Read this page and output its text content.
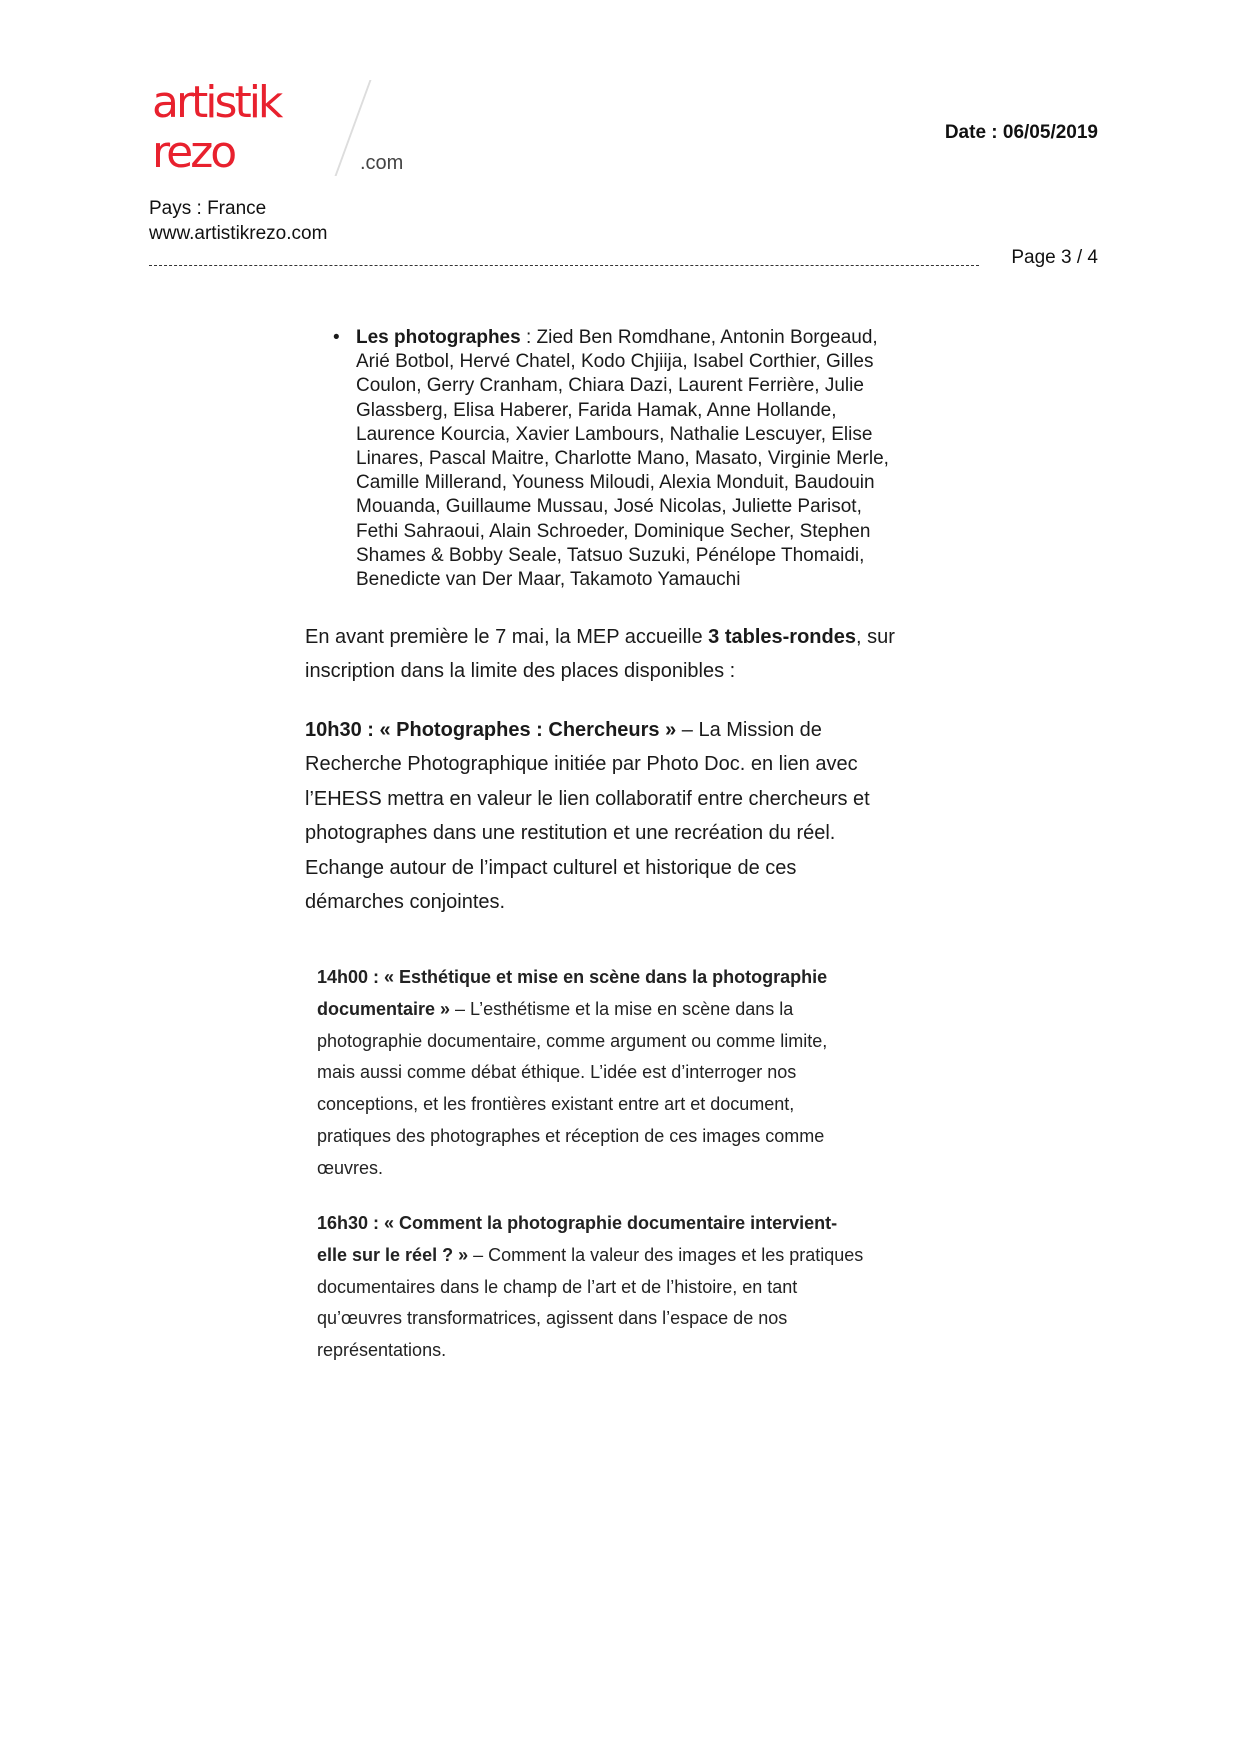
artistik
rezo	.com
Date : 06/05/2019
Pays : France
www.artistikrezo.com
Page 3 / 4
• Les photographes : Zied Ben Romdhane, Antonin Borgeaud,
Arié Botbol, Hervé Chatel, Kodo Chjiija, Isabel Corthier, Gilles
Coulon, Gerry Cranham, Chiara Dazi, Laurent Ferrière, Julie
Glassberg, Elisa Haberer, Farida Hamak, Anne Hollande,
Laurence Kourcia, Xavier Lambours, Nathalie Lescuyer, Elise
Linares, Pascal Maitre, Charlotte Mano, Masato, Virginie Merle,
Camille Millerand, Youness Miloudi, Alexia Monduit, Baudouin
Mouanda, Guillaume Mussau, José Nicolas, Juliette Parisot,
Fethi Sahraoui, Alain Schroeder, Dominique Secher, Stephen
Shames & Bobby Seale, Tatsuo Suzuki, Pénélope Thomaidi,
Benedicte van Der Maar, Takamoto Yamauchi
En avant première le 7 mai, la MEP accueille 3 tables-rondes, sur
inscription dans la limite des places disponibles :
10h30 : « Photographes : Chercheurs » – La Mission de
Recherche Photographique initiée par Photo Doc. en lien avec
l’EHESS mettra en valeur le lien collaboratif entre chercheurs et
photographes dans une restitution et une recréation du réel.
Echange autour de l’impact culturel et historique de ces
démarches conjointes.
14h00 : « Esthétique et mise en scène dans la photographie
documentaire » – L’esthétisme et la mise en scène dans la
photographie documentaire, comme argument ou comme limite,
mais aussi comme débat éthique. L’idée est d’interroger nos
conceptions, et les frontières existant entre art et document,
pratiques des photographes et réception de ces images comme
œuvres.
16h30 : « Comment la photographie documentaire intervient-
elle sur le réel ? » – Comment la valeur des images et les pratiques
documentaires dans le champ de l’art et de l’histoire, en tant
qu’œuvres transformatrices, agissent dans l’espace de nos
représentations.
